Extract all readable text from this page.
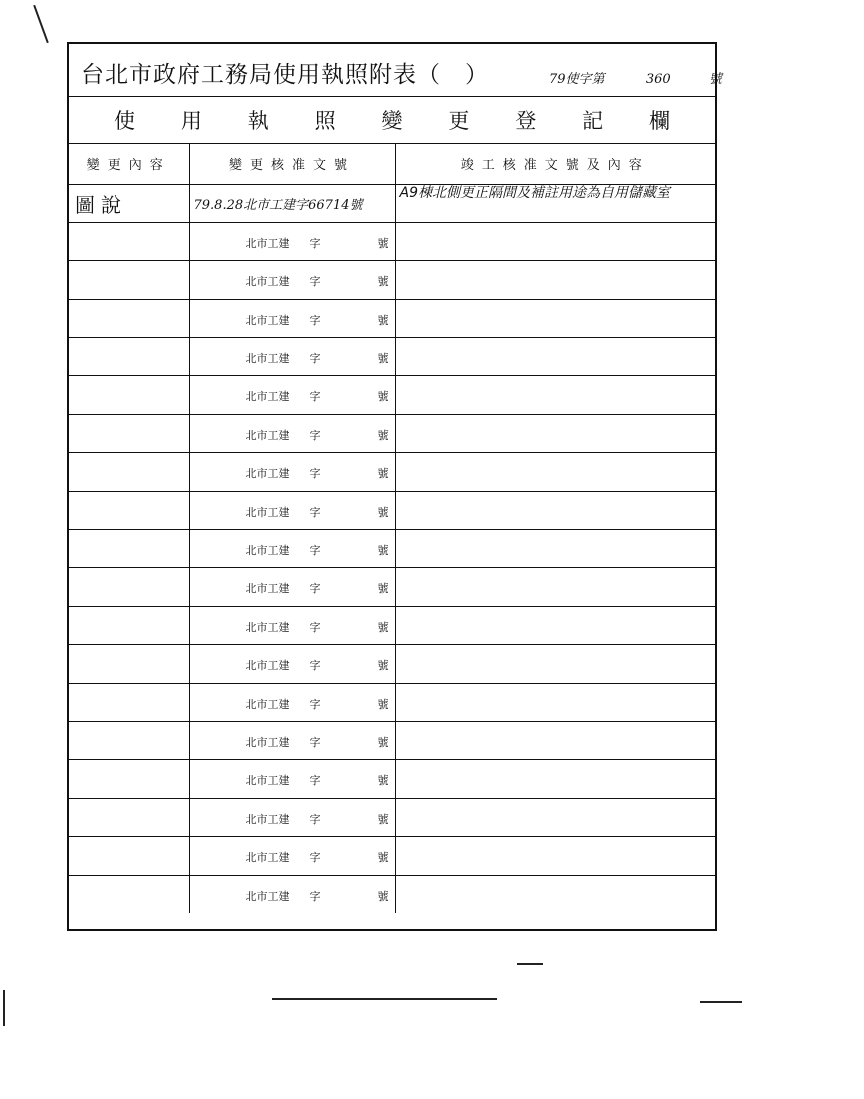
台北市政府工務局使用執照附表（　）	79使字第	360	號
使 用 執 照 變 更 登 記 欄
變更內容	變更核准文號	竣工核准文號及內容
圖說	79.8.28北市工建字66714號	A9棟北側更正隔間及補註用途為自用儲藏室

	北市工建 字 號	

	北市工建 字 號	

	北市工建 字 號	

	北市工建 字 號	

	北市工建 字 號	

	北市工建 字 號	

	北市工建 字 號	

	北市工建 字 號	

	北市工建 字 號	

	北市工建 字 號	

	北市工建 字 號	

	北市工建 字 號	

	北市工建 字 號	

	北市工建 字 號	

	北市工建 字 號	

	北市工建 字 號	

	北市工建 字 號	

	北市工建 字 號	
